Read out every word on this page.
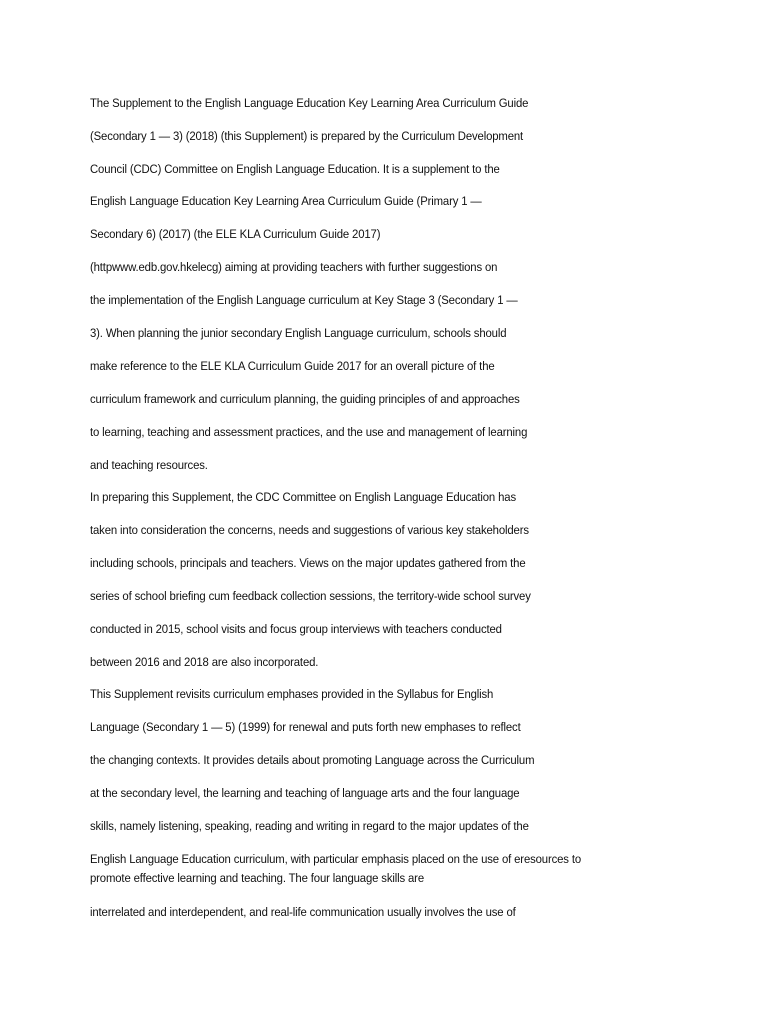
The Supplement to the English Language Education Key Learning Area Curriculum Guide
(Secondary 1 — 3) (2018) (this Supplement) is prepared by the Curriculum Development
Council (CDC) Committee on English Language Education. It is a supplement to the
English Language Education Key Learning Area Curriculum Guide (Primary 1 —
Secondary 6) (2017) (the ELE KLA Curriculum Guide 2017)
(httpwww.edb.gov.hkelecg) aiming at providing teachers with further suggestions on
the implementation of the English Language curriculum at Key Stage 3 (Secondary 1 —
3). When planning the junior secondary English Language curriculum, schools should
make reference to the ELE KLA Curriculum Guide 2017 for an overall picture of the
curriculum framework and curriculum planning, the guiding principles of and approaches
to learning, teaching and assessment practices, and the use and management of learning
and teaching resources.
In preparing this Supplement, the CDC Committee on English Language Education has
taken into consideration the concerns, needs and suggestions of various key stakeholders
including schools, principals and teachers. Views on the major updates gathered from the
series of school briefing cum feedback collection sessions, the territory-wide school survey
conducted in 2015, school visits and focus group interviews with teachers conducted
between 2016 and 2018 are also incorporated.
This Supplement revisits curriculum emphases provided in the Syllabus for English
Language (Secondary 1 — 5) (1999) for renewal and puts forth new emphases to reflect
the changing contexts. It provides details about promoting Language across the Curriculum
at the secondary level, the learning and teaching of language arts and the four language
skills, namely listening, speaking, reading and writing in regard to the major updates of the
English Language Education curriculum, with particular emphasis placed on the use of eresources to
promote effective learning and teaching. The four language skills are
interrelated and interdependent, and real-life communication usually involves the use of
